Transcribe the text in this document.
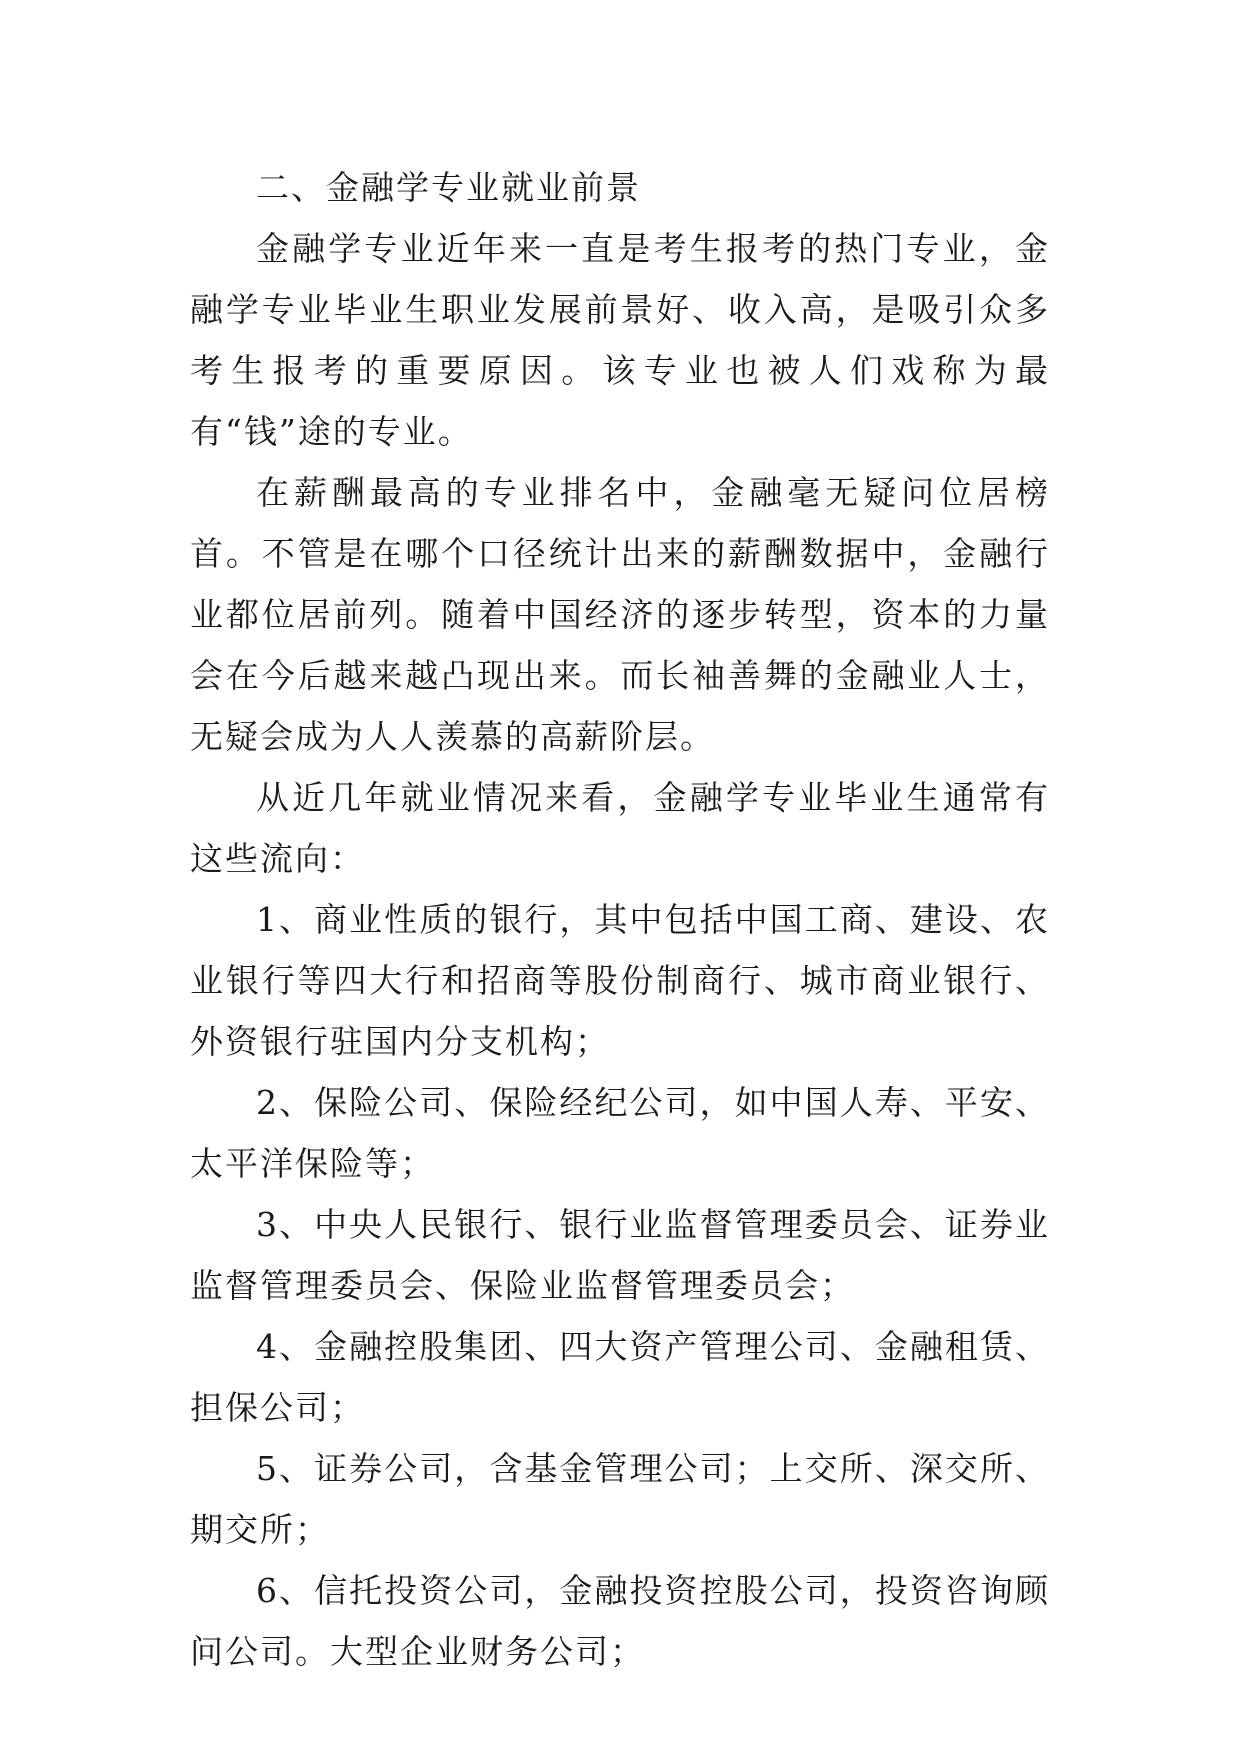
二、金融学专业就业前景

金融学专业近年来一直是考生报考的热门专业，金融学专业毕业生职业发展前景好、收入高，是吸引众多考生报考的重要原因。该专业也被人们戏称为最有“钱”途的专业。

在薪酬最高的专业排名中，金融毫无疑问位居榜首。不管是在哪个口径统计出来的薪酬数据中，金融行业都位居前列。随着中国经济的逐步转型，资本的力量会在今后越来越凸现出来。而长袖善舞的金融业人士，无疑会成为人人羡慕的高薪阶层。

从近几年就业情况来看，金融学专业毕业生通常有这些流向：

1、商业性质的银行，其中包括中国工商、建设、农业银行等四大行和招商等股份制商行、城市商业银行、外资银行驻国内分支机构；

2、保险公司、保险经纪公司，如中国人寿、平安、太平洋保险等；

3、中央人民银行、银行业监督管理委员会、证券业监督管理委员会、保险业监督管理委员会；

4、金融控股集团、四大资产管理公司、金融租赁、担保公司；

5、证券公司，含基金管理公司；上交所、深交所、期交所；

6、信托投资公司，金融投资控股公司，投资咨询顾问公司。大型企业财务公司；
